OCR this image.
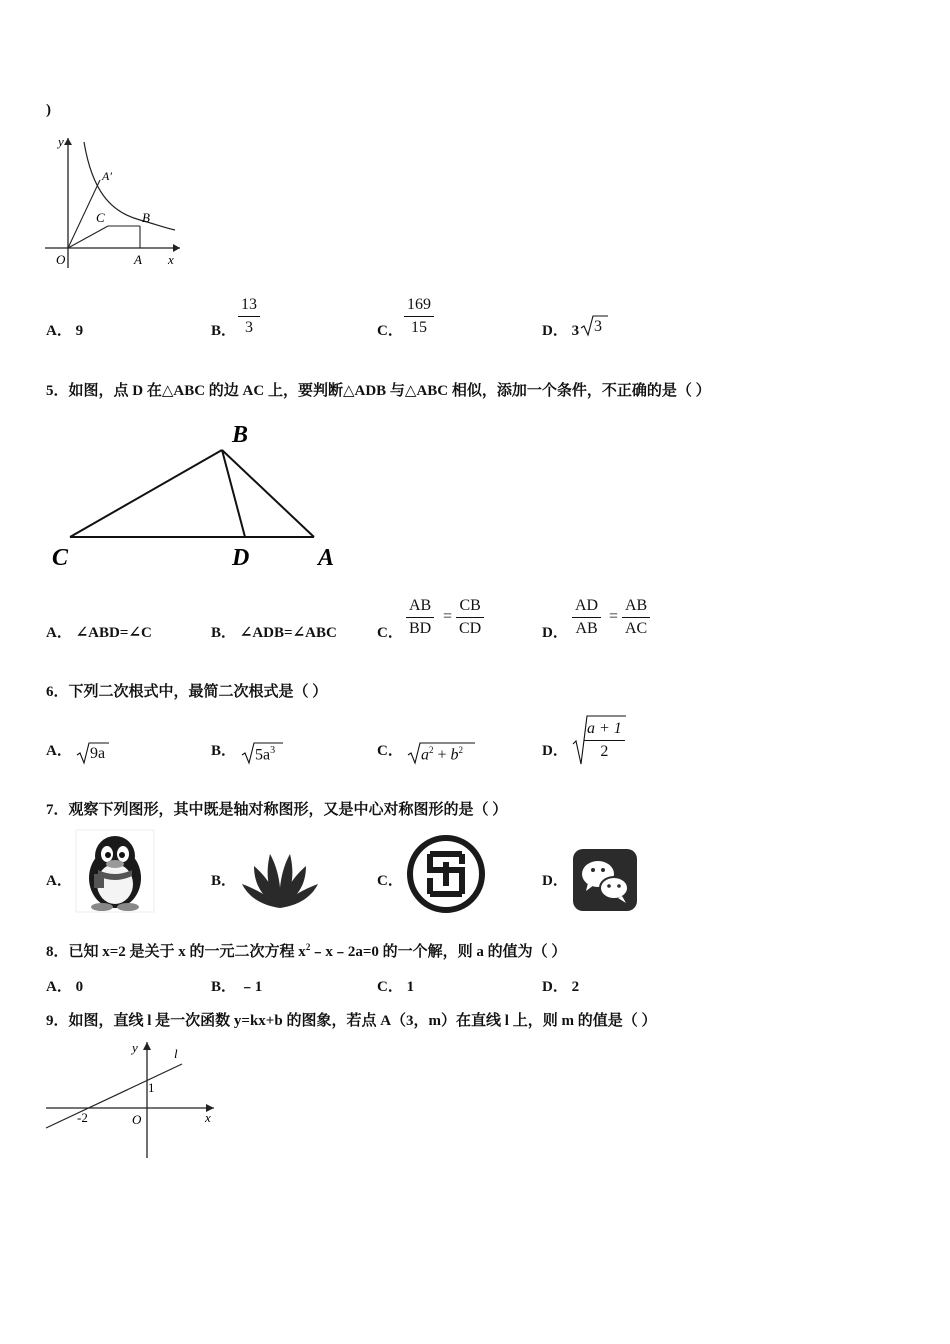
)
y
x
O	A
B
C
A′
A． 9	B． $\frac{13}{3}$	C． $\frac{169}{15}$	D． 3 3
5．如图，点 D 在△ABC 的边 AC 上，要判断△ADB 与△ABC 相似，添加一个条件，不正确的是（ ）
B
C	D	A
A． ∠ABD=∠C	B． ∠ADB=∠ABC	C． $\frac{AB}{BD} = \frac{CB}{CD}$	D． $\frac{AD}{AB} = \frac{AB}{AC}$
6．下列二次根式中，最简二次根式是（ ）
A． 9a	B． $5a^3$	C． $a^2 + b^2$	D． $\frac{a + 1}{2}$
7．观察下列图形，其中既是轴对称图形，又是中心对称图形的是（ ）
A．	B．	C．	D．
8．已知 x=2 是关于 x 的一元二次方程 $x^2﹣x﹣2a=0$ 的一个解，则 a 的值为（ ）
A． 0	B． ﹣1	C． 1	D． 2
9．如图，直线 l 是一次函数 y=kx+b 的图象，若点 A（3，m）在直线 l 上，则 m 的值是（ ）
y
x
O
l
1
-2
